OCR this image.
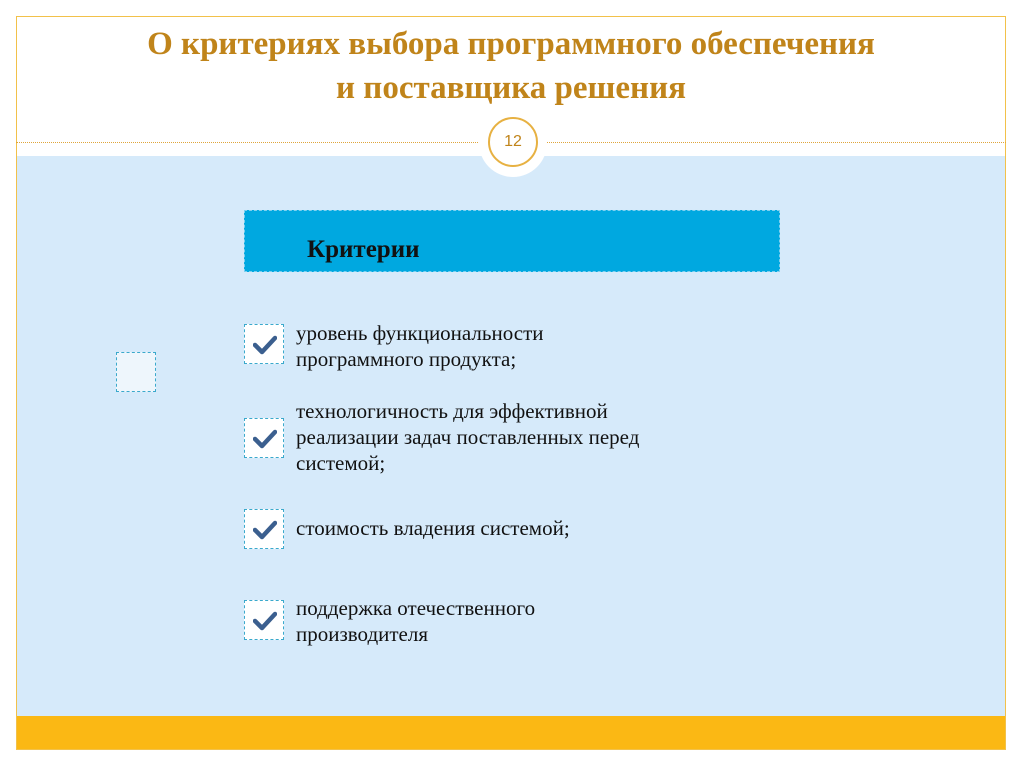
О критериях выбора программного обеспечения
и поставщика решения
12
Критерии
уровень функциональности
программного продукта;
технологичность для эффективной
реализации задач поставленных перед
системой;
стоимость владения системой;
поддержка отечественного
производителя
